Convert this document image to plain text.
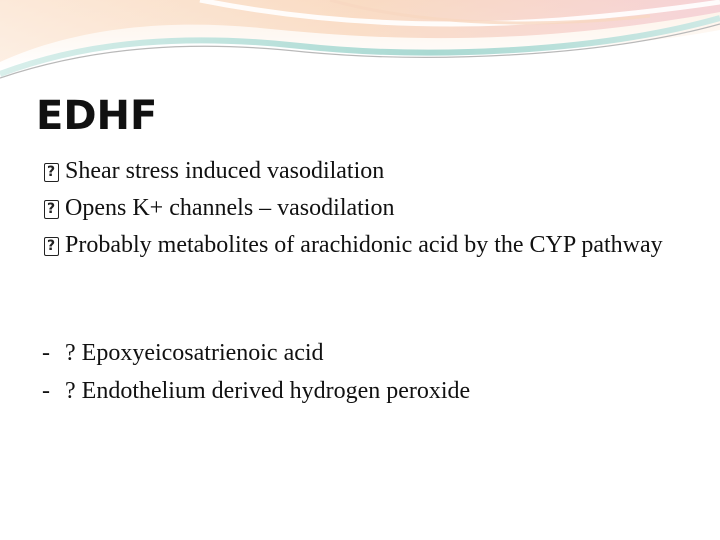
EDHF
?
Shear stress induced vasodilation
?
Opens K+ channels – vasodilation
?
Probably metabolites of arachidonic acid by the CYP pathway
- ? Epoxyeicosatrienoic acid
- ? Endothelium derived hydrogen peroxide
